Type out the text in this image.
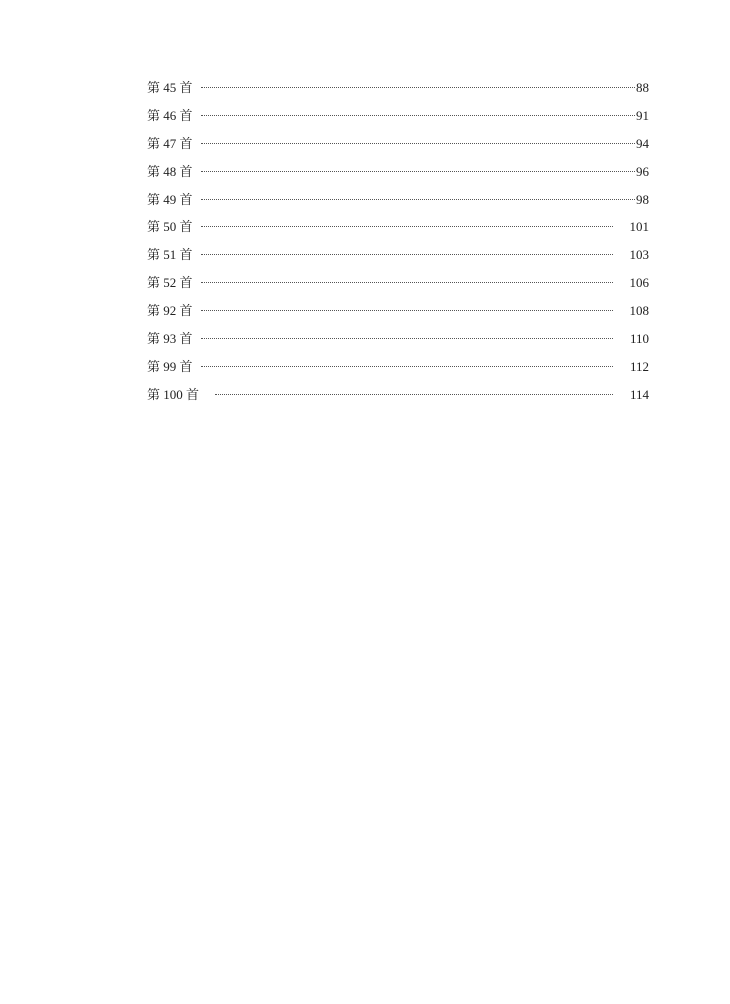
第 45 首	88
第 46 首	91
第 47 首	94
第 48 首	96
第 49 首	98
第 50 首	101
第 51 首	103
第 52 首	106
第 92 首	108
第 93 首	110
第 99 首	112
第 100 首	114
